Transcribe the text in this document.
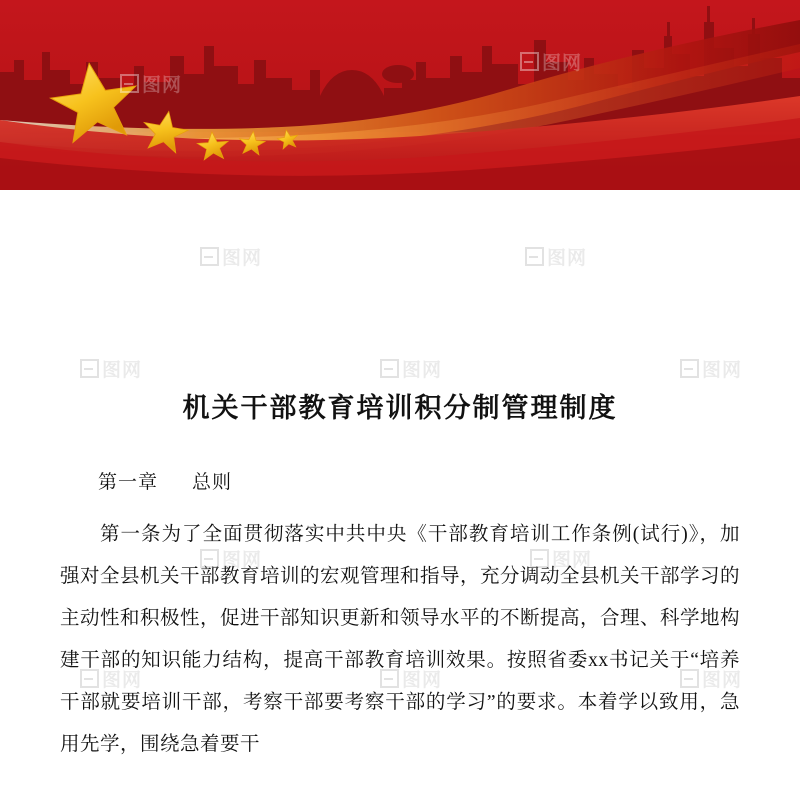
机关干部教育培训积分制管理制度
第一章 总则
第一条为了全面贯彻落实中共中央《干部教育培训工作条例(试行)》，加强对全县机关干部教育培训的宏观管理和指导，充分调动全县机关干部学习的主动性和积极性，促进干部知识更新和领导水平的不断提高，合理、科学地构建干部的知识能力结构，提高干部教育培训效果。按照省委xx书记关于“培养干部就要培训干部，考察干部要考察干部的学习”的要求。本着学以致用，急用先学，围绕急着要干
图网
图网
图网	图网
图网	图网	图网
图网	图网
图网	图网	图网
